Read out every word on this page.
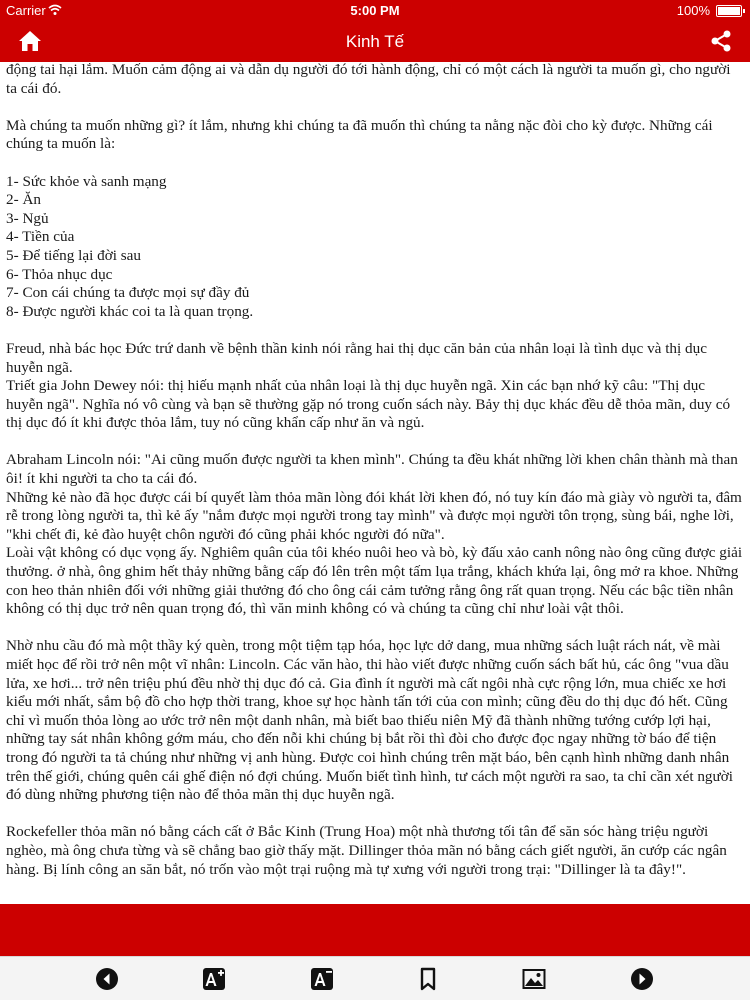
Carrier	5:00 PM	100%
Kinh Tế

động tai hại lắm. Muốn cảm động ai và dẫn dụ người đó tới hành động, chỉ có một cách là người ta muốn gì, cho người ta cái đó.

Mà chúng ta muốn những gì? ít lắm, nhưng khi chúng ta đã muốn thì chúng ta nằng nặc đòi cho kỳ được. Những cái chúng ta muốn là:

1- Sức khỏe và sanh mạng
2- Ăn
3- Ngủ
4- Tiền của
5- Để tiếng lại đời sau
6- Thỏa nhục dục
7- Con cái chúng ta được mọi sự đầy đủ
8- Được người khác coi ta là quan trọng.

Freud, nhà bác học Đức trứ danh về bệnh thần kinh nói rằng hai thị dục căn bản của nhân loại là tình dục và thị dục huyễn ngã.

Triết gia John Dewey nói: thị hiếu mạnh nhất của nhân loại là thị dục huyễn ngã. Xin các bạn nhớ kỹ câu: "Thị dục huyễn ngã". Nghĩa nó vô cùng và bạn sẽ thường gặp nó trong cuốn sách này. Bảy thị dục khác đều dễ thỏa mãn, duy có thị dục đó ít khi được thỏa lắm, tuy nó cũng khẩn cấp như ăn và ngủ.

Abraham Lincoln nói: "Ai cũng muốn được người ta khen mình". Chúng ta đều khát những lời khen chân thành mà than ôi! ít khi người ta cho ta cái đó.

Những kẻ nào đã học được cái bí quyết làm thỏa mãn lòng đói khát lời khen đó, nó tuy kín đáo mà giày vò người ta, đâm rễ trong lòng người ta, thì kẻ ấy "nắm được mọi người trong tay mình" và được mọi người tôn trọng, sùng bái, nghe lời, "khi chết đi, kẻ đào huyệt chôn người đó cũng phải khóc người đó nữa".

Loài vật không có dục vọng ấy. Nghiêm quân của tôi khéo nuôi heo và bò, kỳ đấu xảo canh nông nào ông cũng được giải thưởng. ở nhà, ông ghim hết thảy những bằng cấp đó lên trên một tấm lụa trắng, khách khứa lại, ông mở ra khoe. Những con heo thản nhiên đối với những giải thưởng đó cho ông cái cảm tưởng rằng ông rất quan trọng. Nếu các bậc tiền nhân không có thị dục trở nên quan trọng đó, thì văn minh không có và chúng ta cũng chỉ như loài vật thôi.

Nhờ nhu cầu đó mà một thầy ký quèn, trong một tiệm tạp hóa, học lực dở dang, mua những sách luật rách nát, về mài miết học để rồi trở nên một vĩ nhân: Lincoln. Các văn hào, thi hào viết được những cuốn sách bất hủ, các ông "vua dầu lửa, xe hơi... trở nên triệu phú đều nhờ thị dục đó cả. Gia đình ít người mà cất ngôi nhà cực rộng lớn, mua chiếc xe hơi kiểu mới nhất, sắm bộ đồ cho hợp thời trang, khoe sự học hành tấn tới của con mình; cũng đều do thị dục đó hết. Cũng chỉ vì muốn thỏa lòng ao ước trở nên một danh nhân, mà biết bao thiếu niên Mỹ đã thành những tướng cướp lợi hại, những tay sát nhân không gớm máu, cho đến nỗi khi chúng bị bắt rồi thì đòi cho được đọc ngay những tờ báo để tiện trong đó người ta tả chúng như những vị anh hùng. Được coi hình chúng trên mặt báo, bên cạnh hình những danh nhân trên thế giới, chúng quên cái ghế điện nó đợi chúng. Muốn biết tình hình, tư cách một người ra sao, ta chỉ cần xét người đó dùng những phương tiện nào để thỏa mãn thị dục huyễn ngã.

Rockefeller thỏa mãn nó bằng cách cất ở Bắc Kinh (Trung Hoa) một nhà thương tối tân để săn sóc hàng triệu người nghèo, mà ông chưa từng và sẽ chẳng bao giờ thấy mặt. Dillinger thỏa mãn nó bằng cách giết người, ăn cướp các ngân hàng. Bị lính công an săn bắt, nó trốn vào một trại ruộng mà tự xưng với người trong trại: "Dillinger là ta đây!".
